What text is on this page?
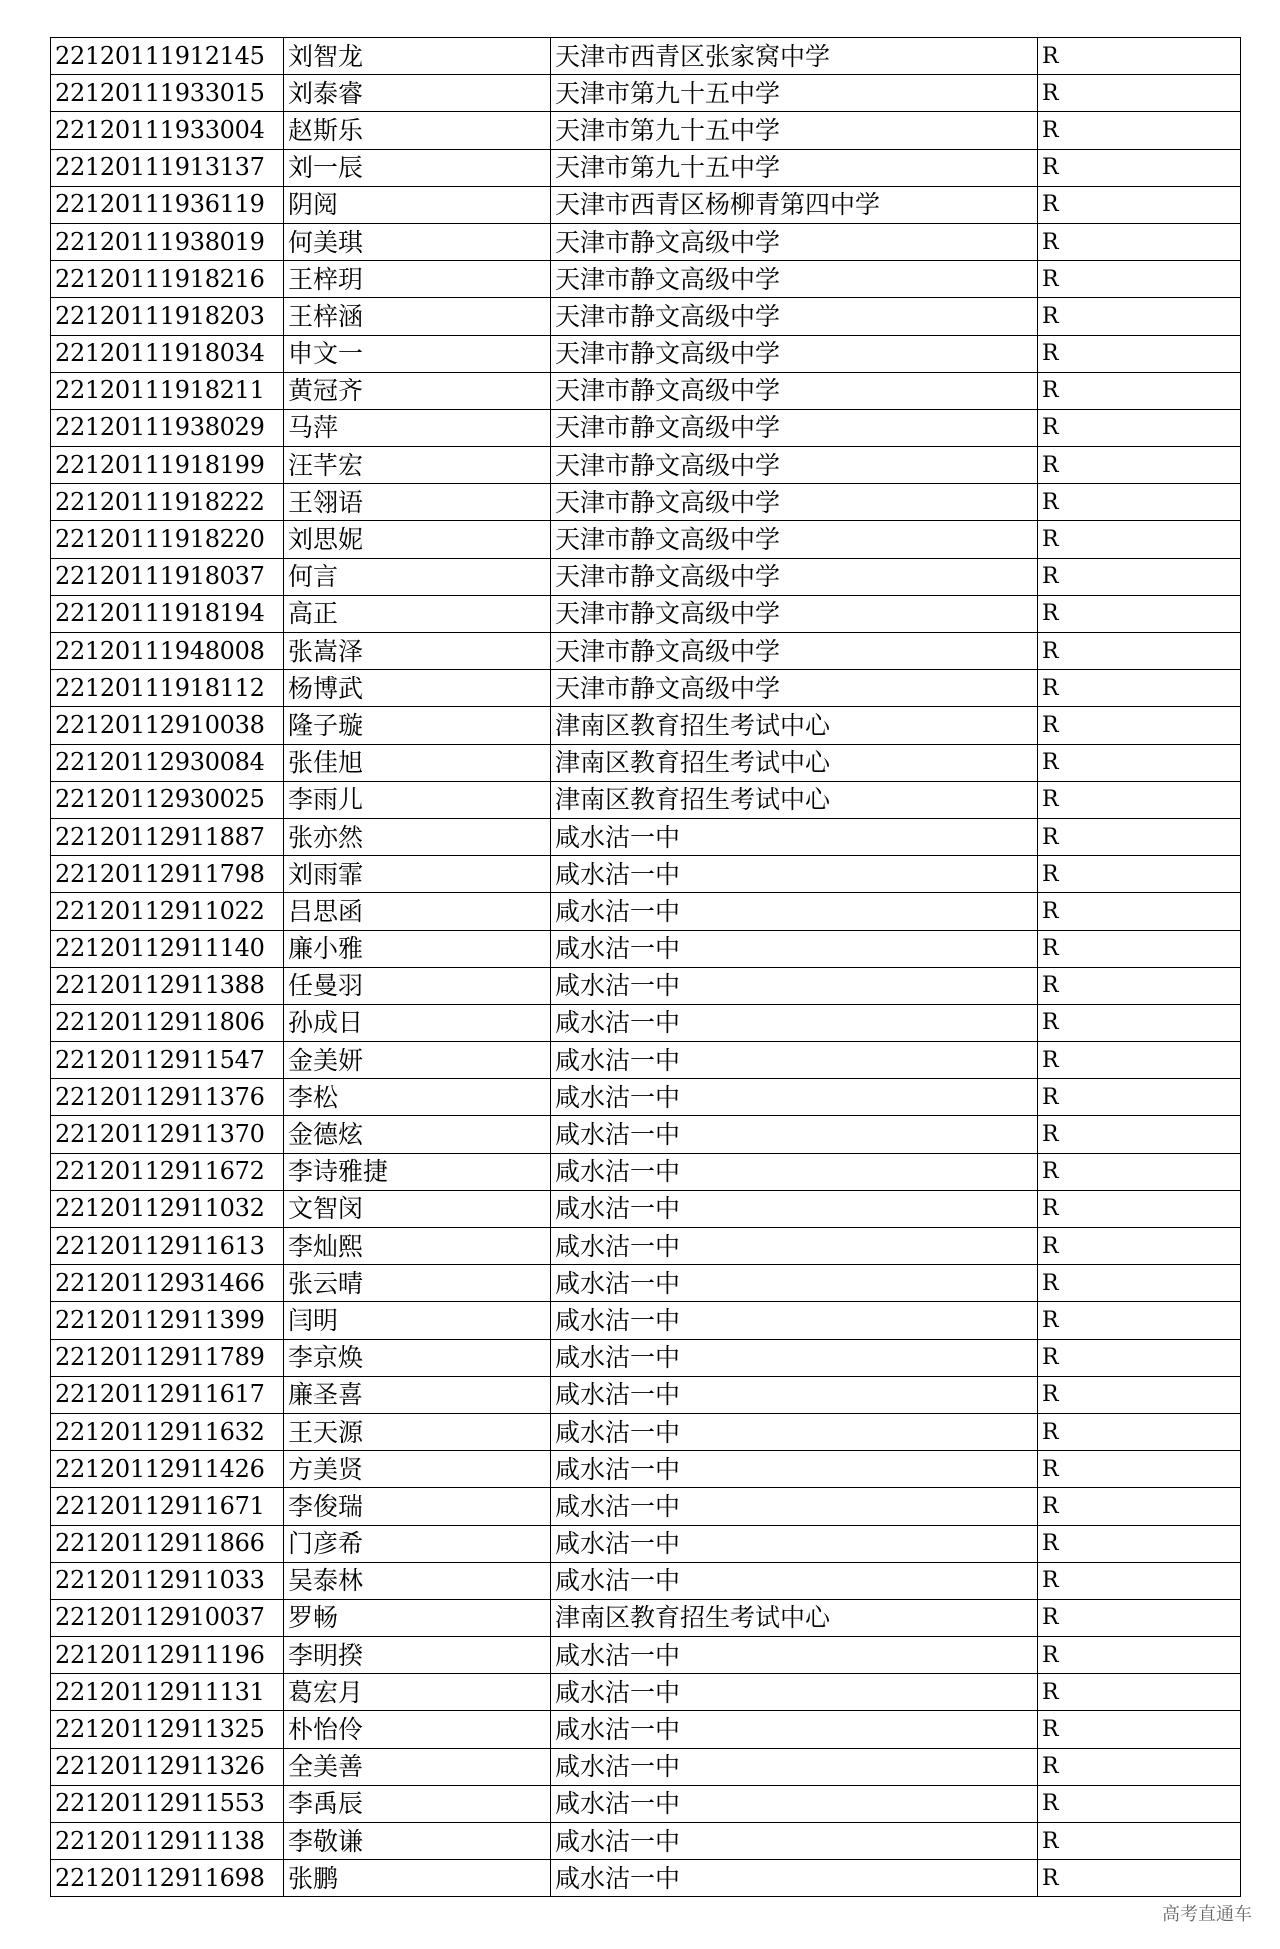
22120111912145	刘智龙	天津市西青区张家窝中学	R
22120111933015	刘泰睿	天津市第九十五中学	R
22120111933004	赵斯乐	天津市第九十五中学	R
22120111913137	刘一辰	天津市第九十五中学	R
22120111936119	阴阅	天津市西青区杨柳青第四中学	R
22120111938019	何美琪	天津市静文高级中学	R
22120111918216	王梓玥	天津市静文高级中学	R
22120111918203	王梓涵	天津市静文高级中学	R
22120111918034	申文一	天津市静文高级中学	R
22120111918211	黄冠齐	天津市静文高级中学	R
22120111938029	马萍	天津市静文高级中学	R
22120111918199	汪芊宏	天津市静文高级中学	R
22120111918222	王翎语	天津市静文高级中学	R
22120111918220	刘思妮	天津市静文高级中学	R
22120111918037	何言	天津市静文高级中学	R
22120111918194	高正	天津市静文高级中学	R
22120111948008	张嵩泽	天津市静文高级中学	R
22120111918112	杨博武	天津市静文高级中学	R
22120112910038	隆子璇	津南区教育招生考试中心	R
22120112930084	张佳旭	津南区教育招生考试中心	R
22120112930025	李雨儿	津南区教育招生考试中心	R
22120112911887	张亦然	咸水沽一中	R
22120112911798	刘雨霏	咸水沽一中	R
22120112911022	吕思函	咸水沽一中	R
22120112911140	廉小雅	咸水沽一中	R
22120112911388	任曼羽	咸水沽一中	R
22120112911806	孙成日	咸水沽一中	R
22120112911547	金美妍	咸水沽一中	R
22120112911376	李松	咸水沽一中	R
22120112911370	金德炫	咸水沽一中	R
22120112911672	李诗雅捷	咸水沽一中	R
22120112911032	文智闵	咸水沽一中	R
22120112911613	李灿熙	咸水沽一中	R
22120112931466	张云晴	咸水沽一中	R
22120112911399	闫明	咸水沽一中	R
22120112911789	李京焕	咸水沽一中	R
22120112911617	廉圣喜	咸水沽一中	R
22120112911632	王天源	咸水沽一中	R
22120112911426	方美贤	咸水沽一中	R
22120112911671	李俊瑞	咸水沽一中	R
22120112911866	门彦希	咸水沽一中	R
22120112911033	吴泰林	咸水沽一中	R
22120112910037	罗畅	津南区教育招生考试中心	R
22120112911196	李明揆	咸水沽一中	R
22120112911131	葛宏月	咸水沽一中	R
22120112911325	朴怡伶	咸水沽一中	R
22120112911326	全美善	咸水沽一中	R
22120112911553	李禹辰	咸水沽一中	R
22120112911138	李敬谦	咸水沽一中	R
22120112911698	张鹏	咸水沽一中	R
高考直通车
